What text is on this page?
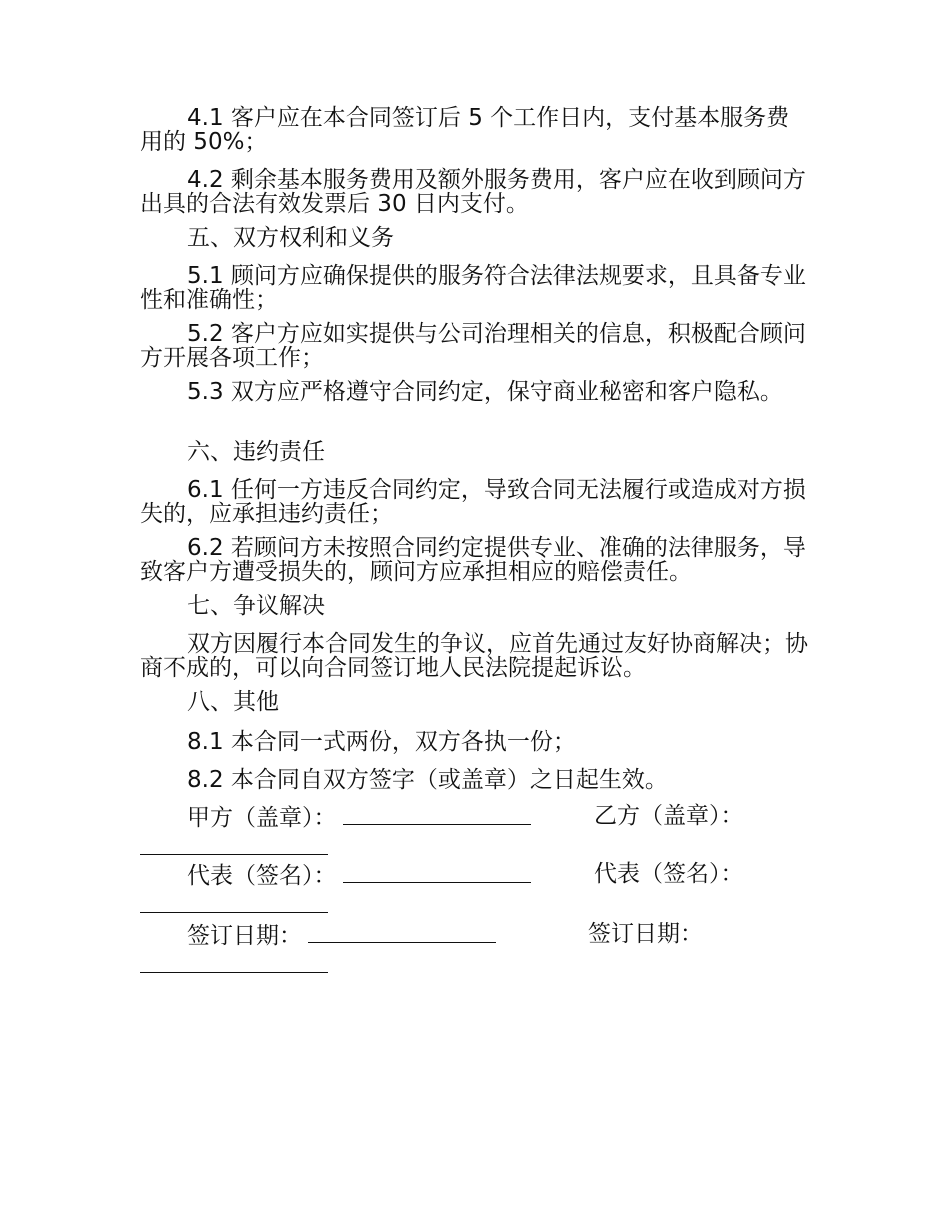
4.1 客户应在本合同签订后 5 个工作日内，支付基本服务费用的 50%；

4.2 剩余基本服务费用及额外服务费用，客户应在收到顾问方出具的合法有效发票后 30 日内支付。

五、双方权利和义务

5.1 顾问方应确保提供的服务符合法律法规要求，且具备专业性和准确性；

5.2 客户方应如实提供与公司治理相关的信息，积极配合顾问方开展各项工作；

5.3 双方应严格遵守合同约定，保守商业秘密和客户隐私。

六、违约责任

6.1 任何一方违反合同约定，导致合同无法履行或造成对方损失的，应承担违约责任；

6.2 若顾问方未按照合同约定提供专业、准确的法律服务，导致客户方遭受损失的，顾问方应承担相应的赔偿责任。

七、争议解决

双方因履行本合同发生的争议，应首先通过友好协商解决；协商不成的，可以向合同签订地人民法院提起诉讼。

八、其他

8.1 本合同一式两份，双方各执一份；

8.2 本合同自双方签字（或盖章）之日起生效。

甲方（盖章）：	乙方（盖章）：
代表（签名）：	代表（签名）：
签订日期：	签订日期：
